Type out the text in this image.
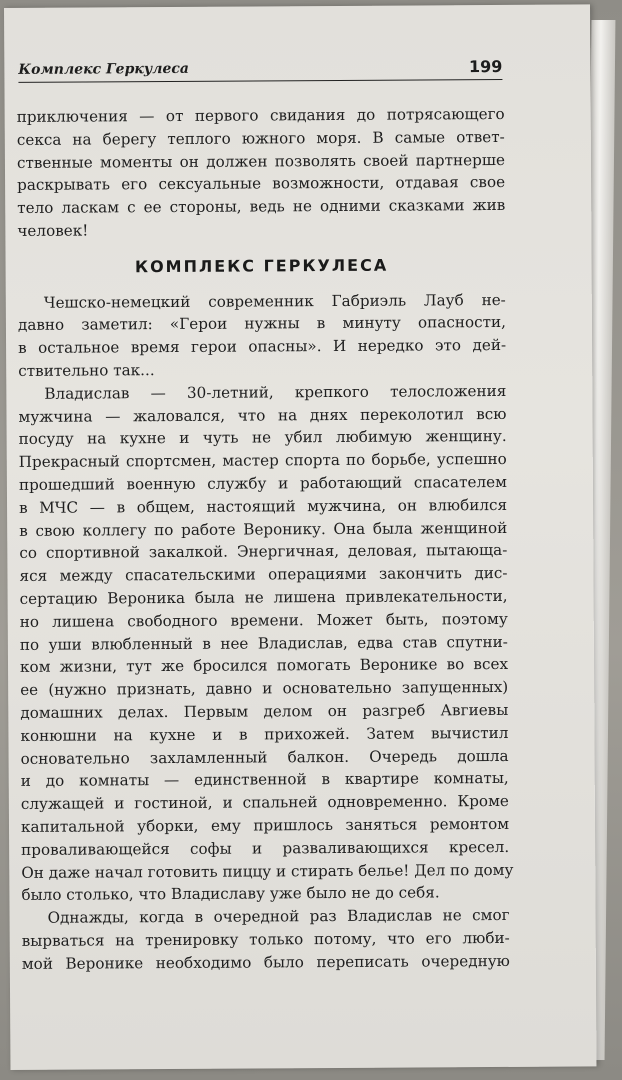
Комплекс Геркулеса	199

приключения — от первого свидания до потрясающего
секса на берегу теплого южного моря. В самые ответ-
ственные моменты он должен позволять своей партнерше
раскрывать его сексуальные возможности, отдавая свое
тело ласкам с ее стороны, ведь не одними сказками жив
человек!

КОМПЛЕКС ГЕРКУЛЕСА

Чешско-немецкий современник Габриэль Лауб не-
давно заметил: «Герои нужны в минуту опасности,
в остальное время герои опасны». И нередко это дей-
ствительно так...

Владислав — 30-летний, крепкого телосложения
мужчина — жаловался, что на днях переколотил всю
посуду на кухне и чуть не убил любимую женщину.
Прекрасный спортсмен, мастер спорта по борьбе, успешно
прошедший военную службу и работающий спасателем
в МЧС — в общем, настоящий мужчина, он влюбился
в свою коллегу по работе Веронику. Она была женщиной
со спортивной закалкой. Энергичная, деловая, пытающа-
яся между спасательскими операциями закончить дис-
сертацию Вероника была не лишена привлекательности,
но лишена свободного времени. Может быть, поэтому
по уши влюбленный в нее Владислав, едва став спутни-
ком жизни, тут же бросился помогать Веронике во всех
ее (нужно признать, давно и основательно запущенных)
домашних делах. Первым делом он разгреб Авгиевы
конюшни на кухне и в прихожей. Затем вычистил
основательно захламленный балкон. Очередь дошла
и до комнаты — единственной в квартире комнаты,
служащей и гостиной, и спальней одновременно. Кроме
капитальной уборки, ему пришлось заняться ремонтом
проваливающейся софы и разваливающихся кресел.
Он даже начал готовить пиццу и стирать белье! Дел по дому
было столько, что Владиславу уже было не до себя.

Однажды, когда в очередной раз Владислав не смог
вырваться на тренировку только потому, что его люби-
мой Веронике необходимо было переписать очередную
